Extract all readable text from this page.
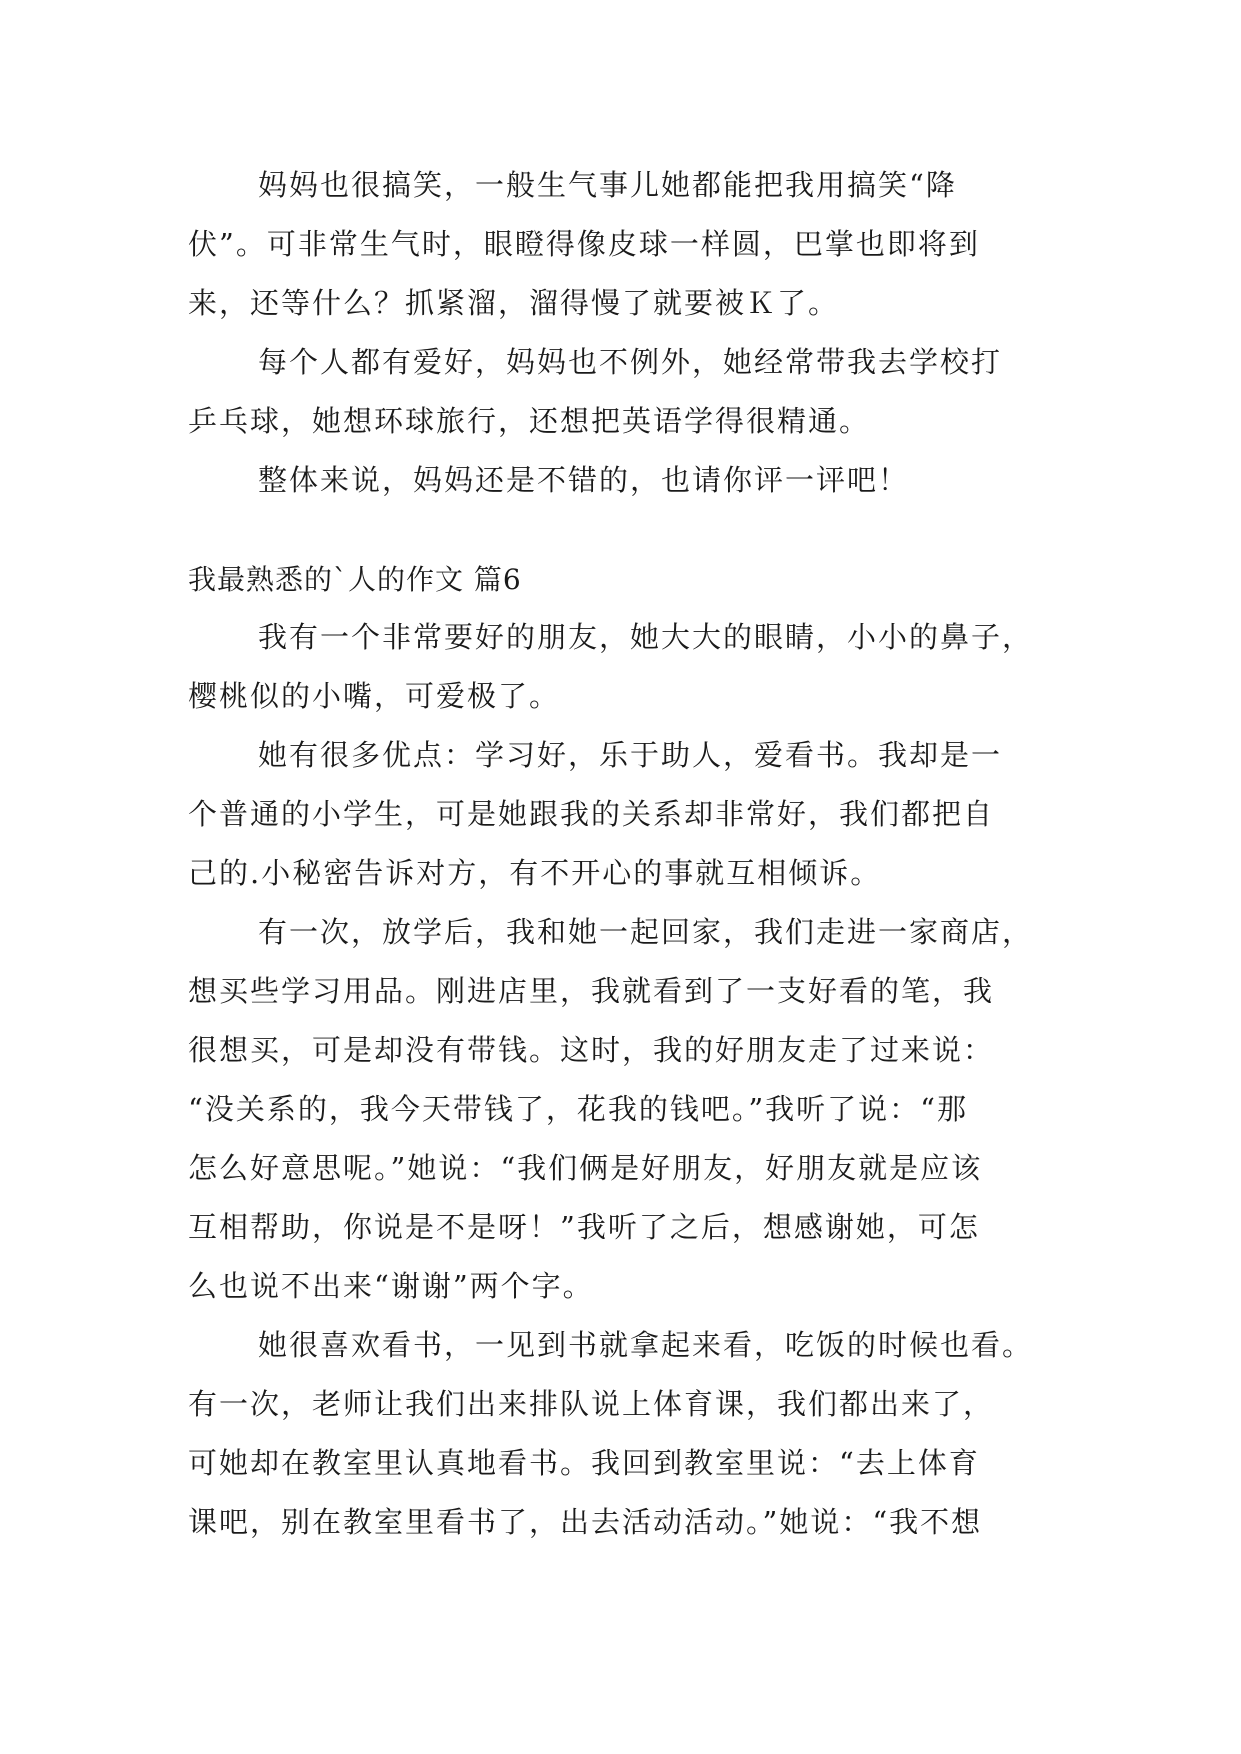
妈妈也很搞笑，一般生气事儿她都能把我用搞笑“降
伏”。可非常生气时，眼瞪得像皮球一样圆，巴掌也即将到
来，还等什么？抓紧溜，溜得慢了就要被Ｋ了。
每个人都有爱好，妈妈也不例外，她经常带我去学校打
乒乓球，她想环球旅行，还想把英语学得很精通。
整体来说，妈妈还是不错的，也请你评一评吧！
我最熟悉的`人的作文 篇6
我有一个非常要好的朋友，她大大的眼睛，小小的鼻子，
樱桃似的小嘴，可爱极了。
她有很多优点：学习好，乐于助人，爱看书。我却是一
个普通的小学生，可是她跟我的关系却非常好，我们都把自
己的.小秘密告诉对方，有不开心的事就互相倾诉。
有一次，放学后，我和她一起回家，我们走进一家商店，
想买些学习用品。刚进店里，我就看到了一支好看的笔，我
很想买，可是却没有带钱。这时，我的好朋友走了过来说：
“没关系的，我今天带钱了，花我的钱吧。”我听了说：“那
怎么好意思呢。”她说：“我们俩是好朋友，好朋友就是应该
互相帮助，你说是不是呀！”我听了之后，想感谢她，可怎
么也说不出来“谢谢”两个字。
她很喜欢看书，一见到书就拿起来看，吃饭的时候也看。
有一次，老师让我们出来排队说上体育课，我们都出来了，
可她却在教室里认真地看书。我回到教室里说：“去上体育
课吧，别在教室里看书了，出去活动活动。”她说：“我不想
